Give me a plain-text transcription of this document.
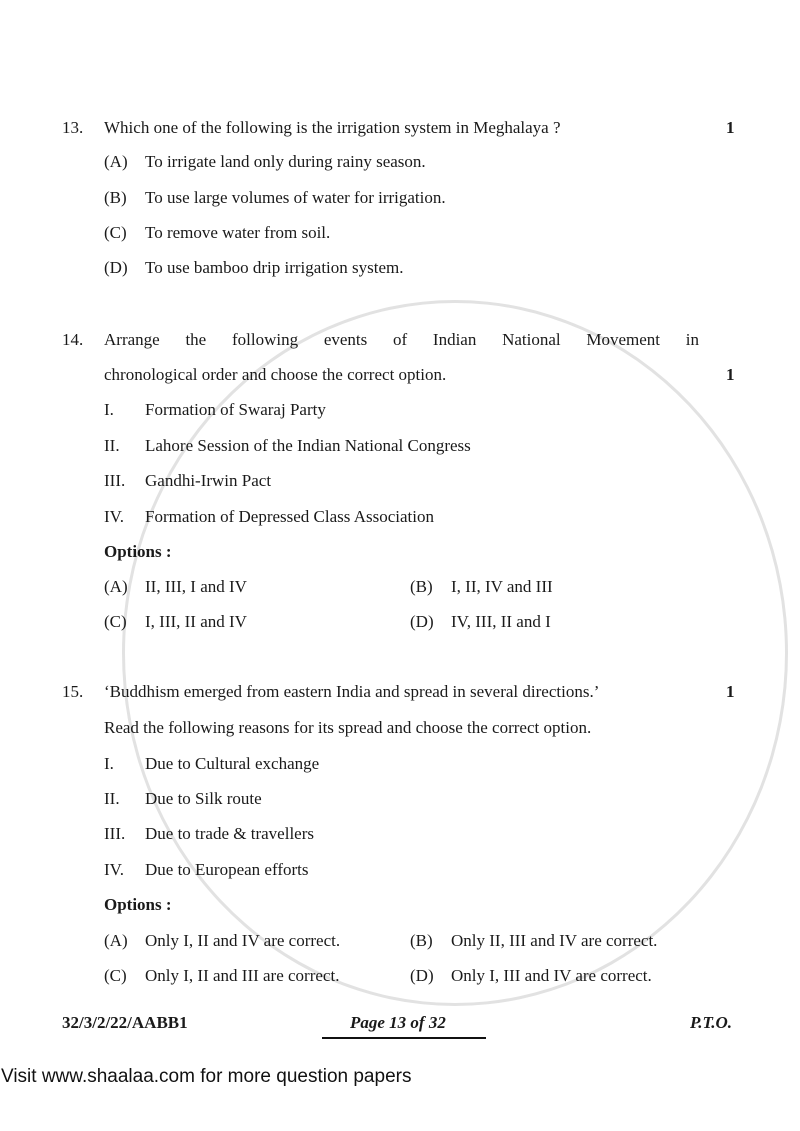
13. Which one of the following is the irrigation system in Meghalaya ?	1
(A) To irrigate land only during rainy season.
(B) To use large volumes of water for irrigation.
(C) To remove water from soil.
(D) To use bamboo drip irrigation system.
14. Arrange the following events of Indian National Movement in
chronological order and choose the correct option.	1
I. Formation of Swaraj Party
II. Lahore Session of the Indian National Congress
III. Gandhi-Irwin Pact
IV. Formation of Depressed Class Association
Options :
(A) II, III, I and IV	(B) I, II, IV and III
(C) I, III, II and IV	(D) IV, III, II and I
15. ‘Buddhism emerged from eastern India and spread in several directions.’	1
Read the following reasons for its spread and choose the correct option.
I. Due to Cultural exchange
II. Due to Silk route
III. Due to trade & travellers
IV. Due to European efforts
Options :
(A) Only I, II and IV are correct.	(B) Only II, III and IV are correct.
(C) Only I, II and III are correct.	(D) Only I, III and IV are correct.
32/3/2/22/AABB1	Page 13 of 32	P.T.O.
Visit www.shaalaa.com for more question papers
